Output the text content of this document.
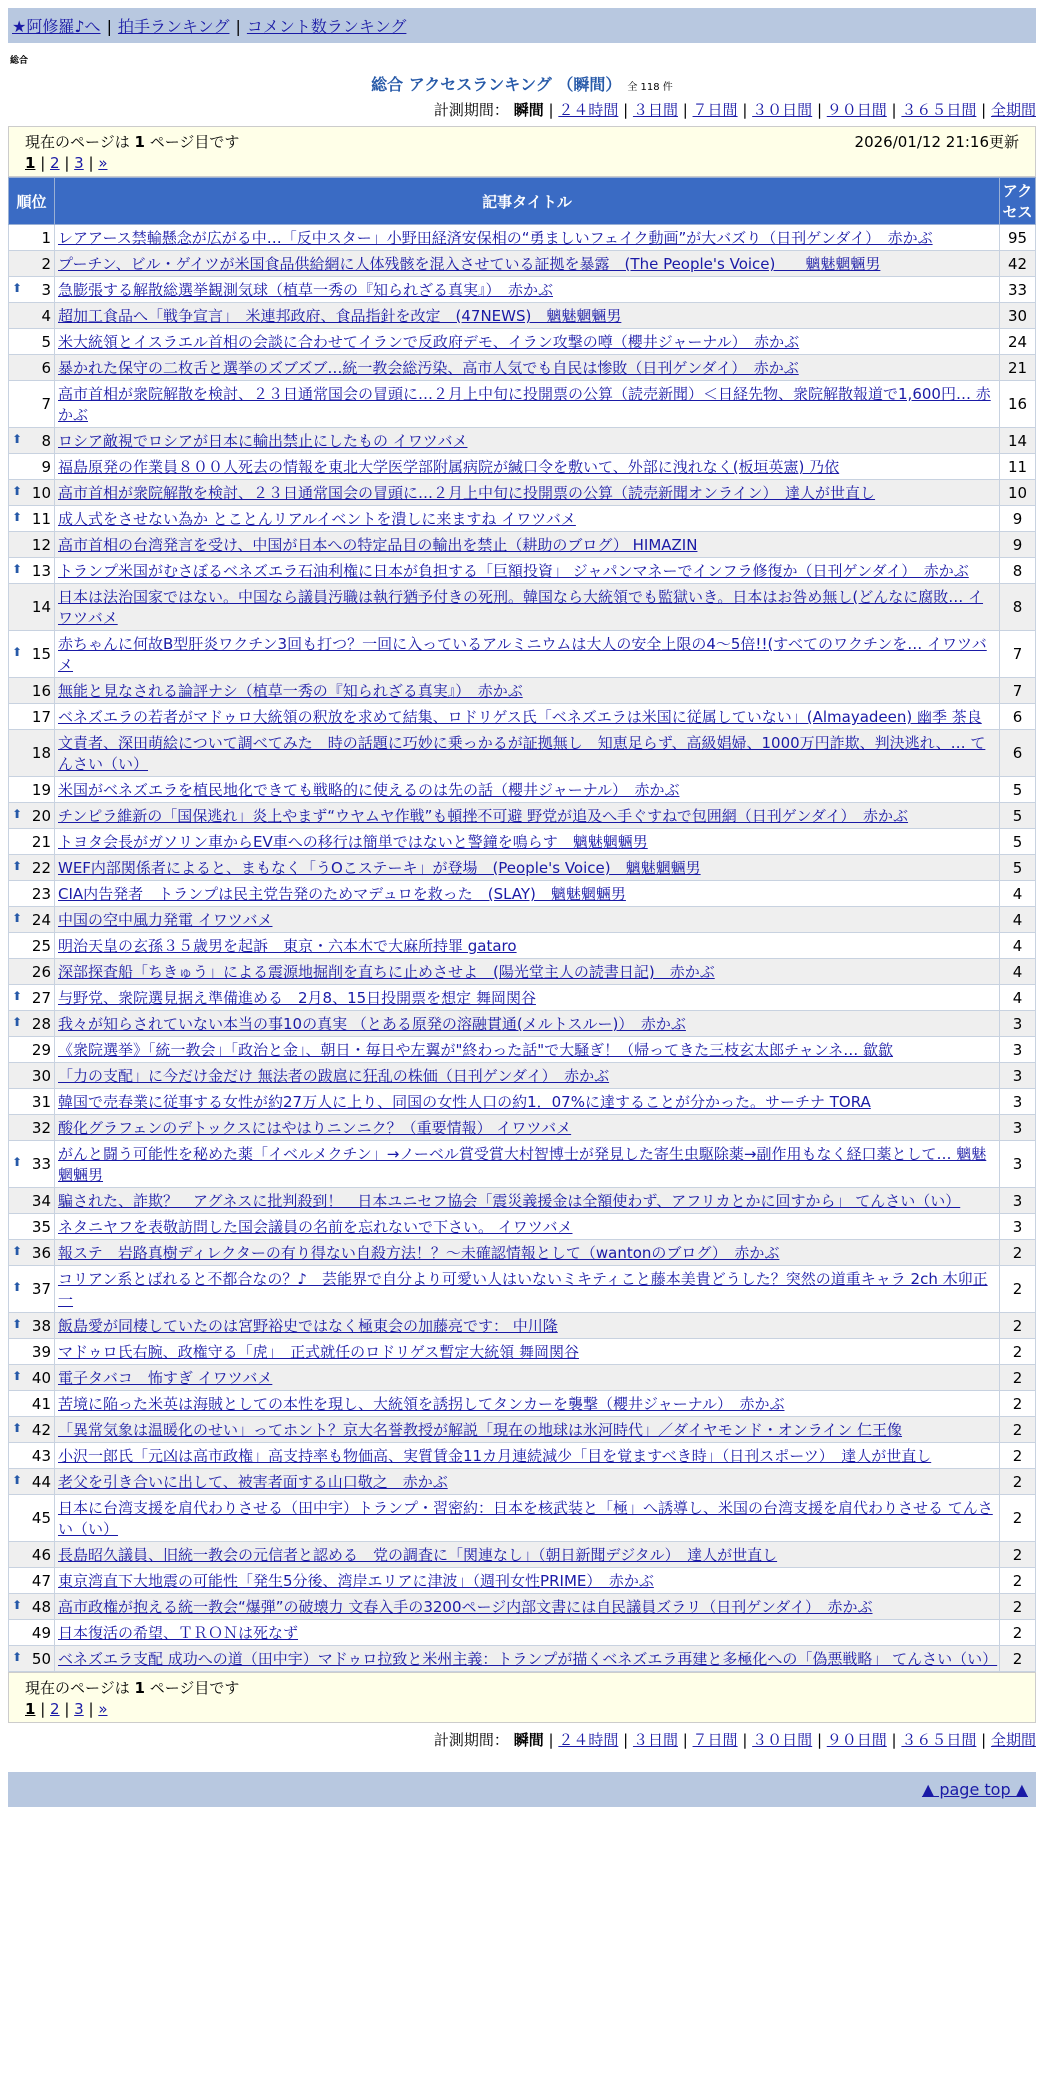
★阿修羅♪へ | 拍手ランキング | コメント数ランキング
総合
総合 アクセスランキング （瞬間） 全 118 件
計測期間： 瞬間 | ２４時間 | ３日間 | ７日間 | ３０日間 | ９０日間 | ３６５日間 | 全期間
現在のページは 1 ページ目です	2026/01/12 21:16更新
1 | 2 | 3 | »
順位	記事タイトル	アクセス
1	レアアース禁輸懸念が広がる中…「反中スター」小野田経済安保相の“勇ましいフェイク動画”が大バズり（日刊ゲンダイ）　赤かぶ	95
2	プーチン、ビル・ゲイツが米国食品供給網に人体残骸を混入させている証拠を暴露　(The People's Voice)　　魑魅魍魎男	42

⬆ 3	急膨張する解散総選挙観測気球（植草一秀の『知られざる真実』）　赤かぶ	33
4	超加工食品へ「戦争宣言」　米連邦政府、食品指針を改定　(47NEWS)　魑魅魍魎男	30
5	米大統領とイスラエル首相の会談に合わせてイランで反政府デモ、イラン攻撃の噂（櫻井ジャーナル）　赤かぶ	24
6	暴かれた保守の二枚舌と選挙のズブズブ…統一教会総汚染、高市人気でも自民は惨敗（日刊ゲンダイ）　赤かぶ	21
7	高市首相が衆院解散を検討、２３日通常国会の冒頭に…２月上中旬に投開票の公算（読売新聞）＜日経先物、衆院解散報道で1,600円… 赤かぶ	16

⬆ 8	ロシア敵視でロシアが日本に輸出禁止にしたもの イワツバメ	14
9	福島原発の作業員８００人死去の情報を東北大学医学部附属病院が緘口令を敷いて、外部に洩れなく(板垣英憲) 乃依	11

⬆ 10	高市首相が衆院解散を検討、２３日通常国会の冒頭に…２月上中旬に投開票の公算（読売新聞オンライン）　達人が世直し	10

⬆ 11	成人式をさせない為か とことんリアルイベントを潰しに来ますね イワツバメ	9
12	高市首相の台湾発言を受け、中国が日本への特定品目の輸出を禁止（耕助のブログ） HIMAZIN	9

⬆ 13	トランプ米国がむさぼるベネズエラ石油利権に日本が負担する「巨額投資」 ジャパンマネーでインフラ修復か（日刊ゲンダイ）　赤かぶ	8
14	日本は法治国家ではない。中国なら議員汚職は執行猶予付きの死刑。韓国なら大統領でも監獄いき。日本はお咎め無し(どんなに腐敗… イワツバメ	8

⬆ 15	赤ちゃんに何故B型肝炎ワクチン3回も打つ？一回に入っているアルミニウムは大人の安全上限の4〜5倍!!(すべてのワクチンを… イワツバメ	7
16	無能と見なされる論評ナシ（植草一秀の『知られざる真実』）　赤かぶ	7
17	ベネズエラの若者がマドゥロ大統領の釈放を求めて結集、ロドリゲス氏「ベネズエラは米国に従属していない」(Almayadeen) 幽季 茶良	6
18	文責者、深田萌絵について調べてみた　時の話題に巧妙に乗っかるが証拠無し　知恵足らず、高級娼婦、1000万円詐欺、判決逃れ、… てんさい（い）	6
19	米国がベネズエラを植民地化できても戦略的に使えるのは先の話（櫻井ジャーナル）　赤かぶ	5

⬆ 20	チンピラ維新の「国保逃れ」炎上やまず“ウヤムヤ作戦”も頓挫不可避 野党が追及へ手ぐすねで包囲網（日刊ゲンダイ）　赤かぶ	5
21	トヨタ会長がガソリン車からEV車への移行は簡単ではないと警鐘を鳴らす　魑魅魍魎男	5

⬆ 22	WEF内部関係者によると、まもなく「うOこステーキ」が登場　(People's Voice)　魑魅魍魎男	5
23	CIA内告発者　トランプは民主党告発のためマデュロを救った　(SLAY)　魑魅魍魎男	4

⬆ 24	中国の空中風力発電 イワツバメ	4
25	明治天皇の玄孫３５歳男を起訴　東京・六本木で大麻所持罪 gataro	4
26	深部探査船「ちきゅう」による震源地掘削を直ちに止めさせよ　(陽光堂主人の読書日記)　赤かぶ	4

⬆ 27	与野党、衆院選見据え準備進める　2月8、15日投開票を想定 舞岡関谷	4

⬆ 28	我々が知らされていない本当の事10の真実 （とある原発の溶融貫通(メルトスルー)）　赤かぶ	3
29	《衆院選挙》「統一教会」「政治と金」、朝日・毎日や左翼が"終わった話"で大騒ぎ！（帰ってきた三枝玄太郎チャンネ… 歙歙	3
30	「力の支配」に今だけ金だけ 無法者の跋扈に狂乱の株価（日刊ゲンダイ）　赤かぶ	3
31	韓国で売春業に従事する女性が約27万人に上り、同国の女性人口の約1．07%に達することが分かった。サーチナ TORA	3
32	酸化グラフェンのデトックスにはやはりニンニク？（重要情報） イワツバメ	3

⬆ 33	がんと闘う可能性を秘めた薬「イベルメクチン」→ノーベル賞受賞大村智博士が発見した寄生虫駆除薬→副作用もなく経口薬として… 魑魅魍魎男	3
34	騙された、詐欺？　アグネスに批判殺到！　日本ユニセフ協会「震災義援金は全額使わず、アフリカとかに回すから」 てんさい（い）	3
35	ネタニヤフを表敬訪問した国会議員の名前を忘れないで下さい。 イワツバメ	3

⬆ 36	報ステ　岩路真樹ディレクターの有り得ない自殺方法！？～未確認情報として（wantonのブログ）　赤かぶ	2

⬆ 37	コリアン系とばれると不都合なの？♪　芸能界で自分より可愛い人はいないミキティこと藤本美貴どうした？突然の道重キャラ 2ch 木卯正一	2

⬆ 38	飯島愛が同棲していたのは宮野裕史ではなく極東会の加藤亮です： 中川隆	2
39	マドゥロ氏右腕、政権守る「虎」　正式就任のロドリゲス暫定大統領 舞岡関谷	2

⬆ 40	電子タバコ　怖すぎ イワツバメ	2
41	苦境に陥った米英は海賊としての本性を現し、大統領を誘拐してタンカーを襲撃（櫻井ジャーナル）　赤かぶ	2

⬆ 42	「異常気象は温暖化のせい」ってホント？京大名誉教授が解説「現在の地球は氷河時代」／ダイヤモンド・オンライン 仁王像	2
43	小沢一郎氏「元凶は高市政権」高支持率も物価高、実質賃金11カ月連続減少「目を覚ますべき時」（日刊スポーツ）　達人が世直し	2

⬆ 44	老父を引き合いに出して、被害者面する山口敬之　赤かぶ	2
45	日本に台湾支援を肩代わりさせる（田中宇）トランプ・習密約：日本を核武装と「極」へ誘導し、米国の台湾支援を肩代わりさせる てんさい（い）	2
46	長島昭久議員、旧統一教会の元信者と認める　党の調査に「関連なし」（朝日新聞デジタル）　達人が世直し	2
47	東京湾直下大地震の可能性「発生5分後、湾岸エリアに津波」（週刊女性PRIME）　赤かぶ	2

⬆ 48	高市政権が抱える統一教会“爆弾”の破壊力 文春入手の3200ページ内部文書には自民議員ズラリ（日刊ゲンダイ）　赤かぶ	2
49	日本復活の希望、ＴＲＯＮは死なず	2

⬆ 50	ベネズエラ支配 成功への道（田中宇）マドゥロ拉致と米州主義：トランプが描くベネズエラ再建と多極化への「偽悪戦略」 てんさい（い）	2
現在のページは 1 ページ目です
1 | 2 | 3 | »
計測期間： 瞬間 | ２４時間 | ３日間 | ７日間 | ３０日間 | ９０日間 | ３６５日間 | 全期間
▲ page top ▲
